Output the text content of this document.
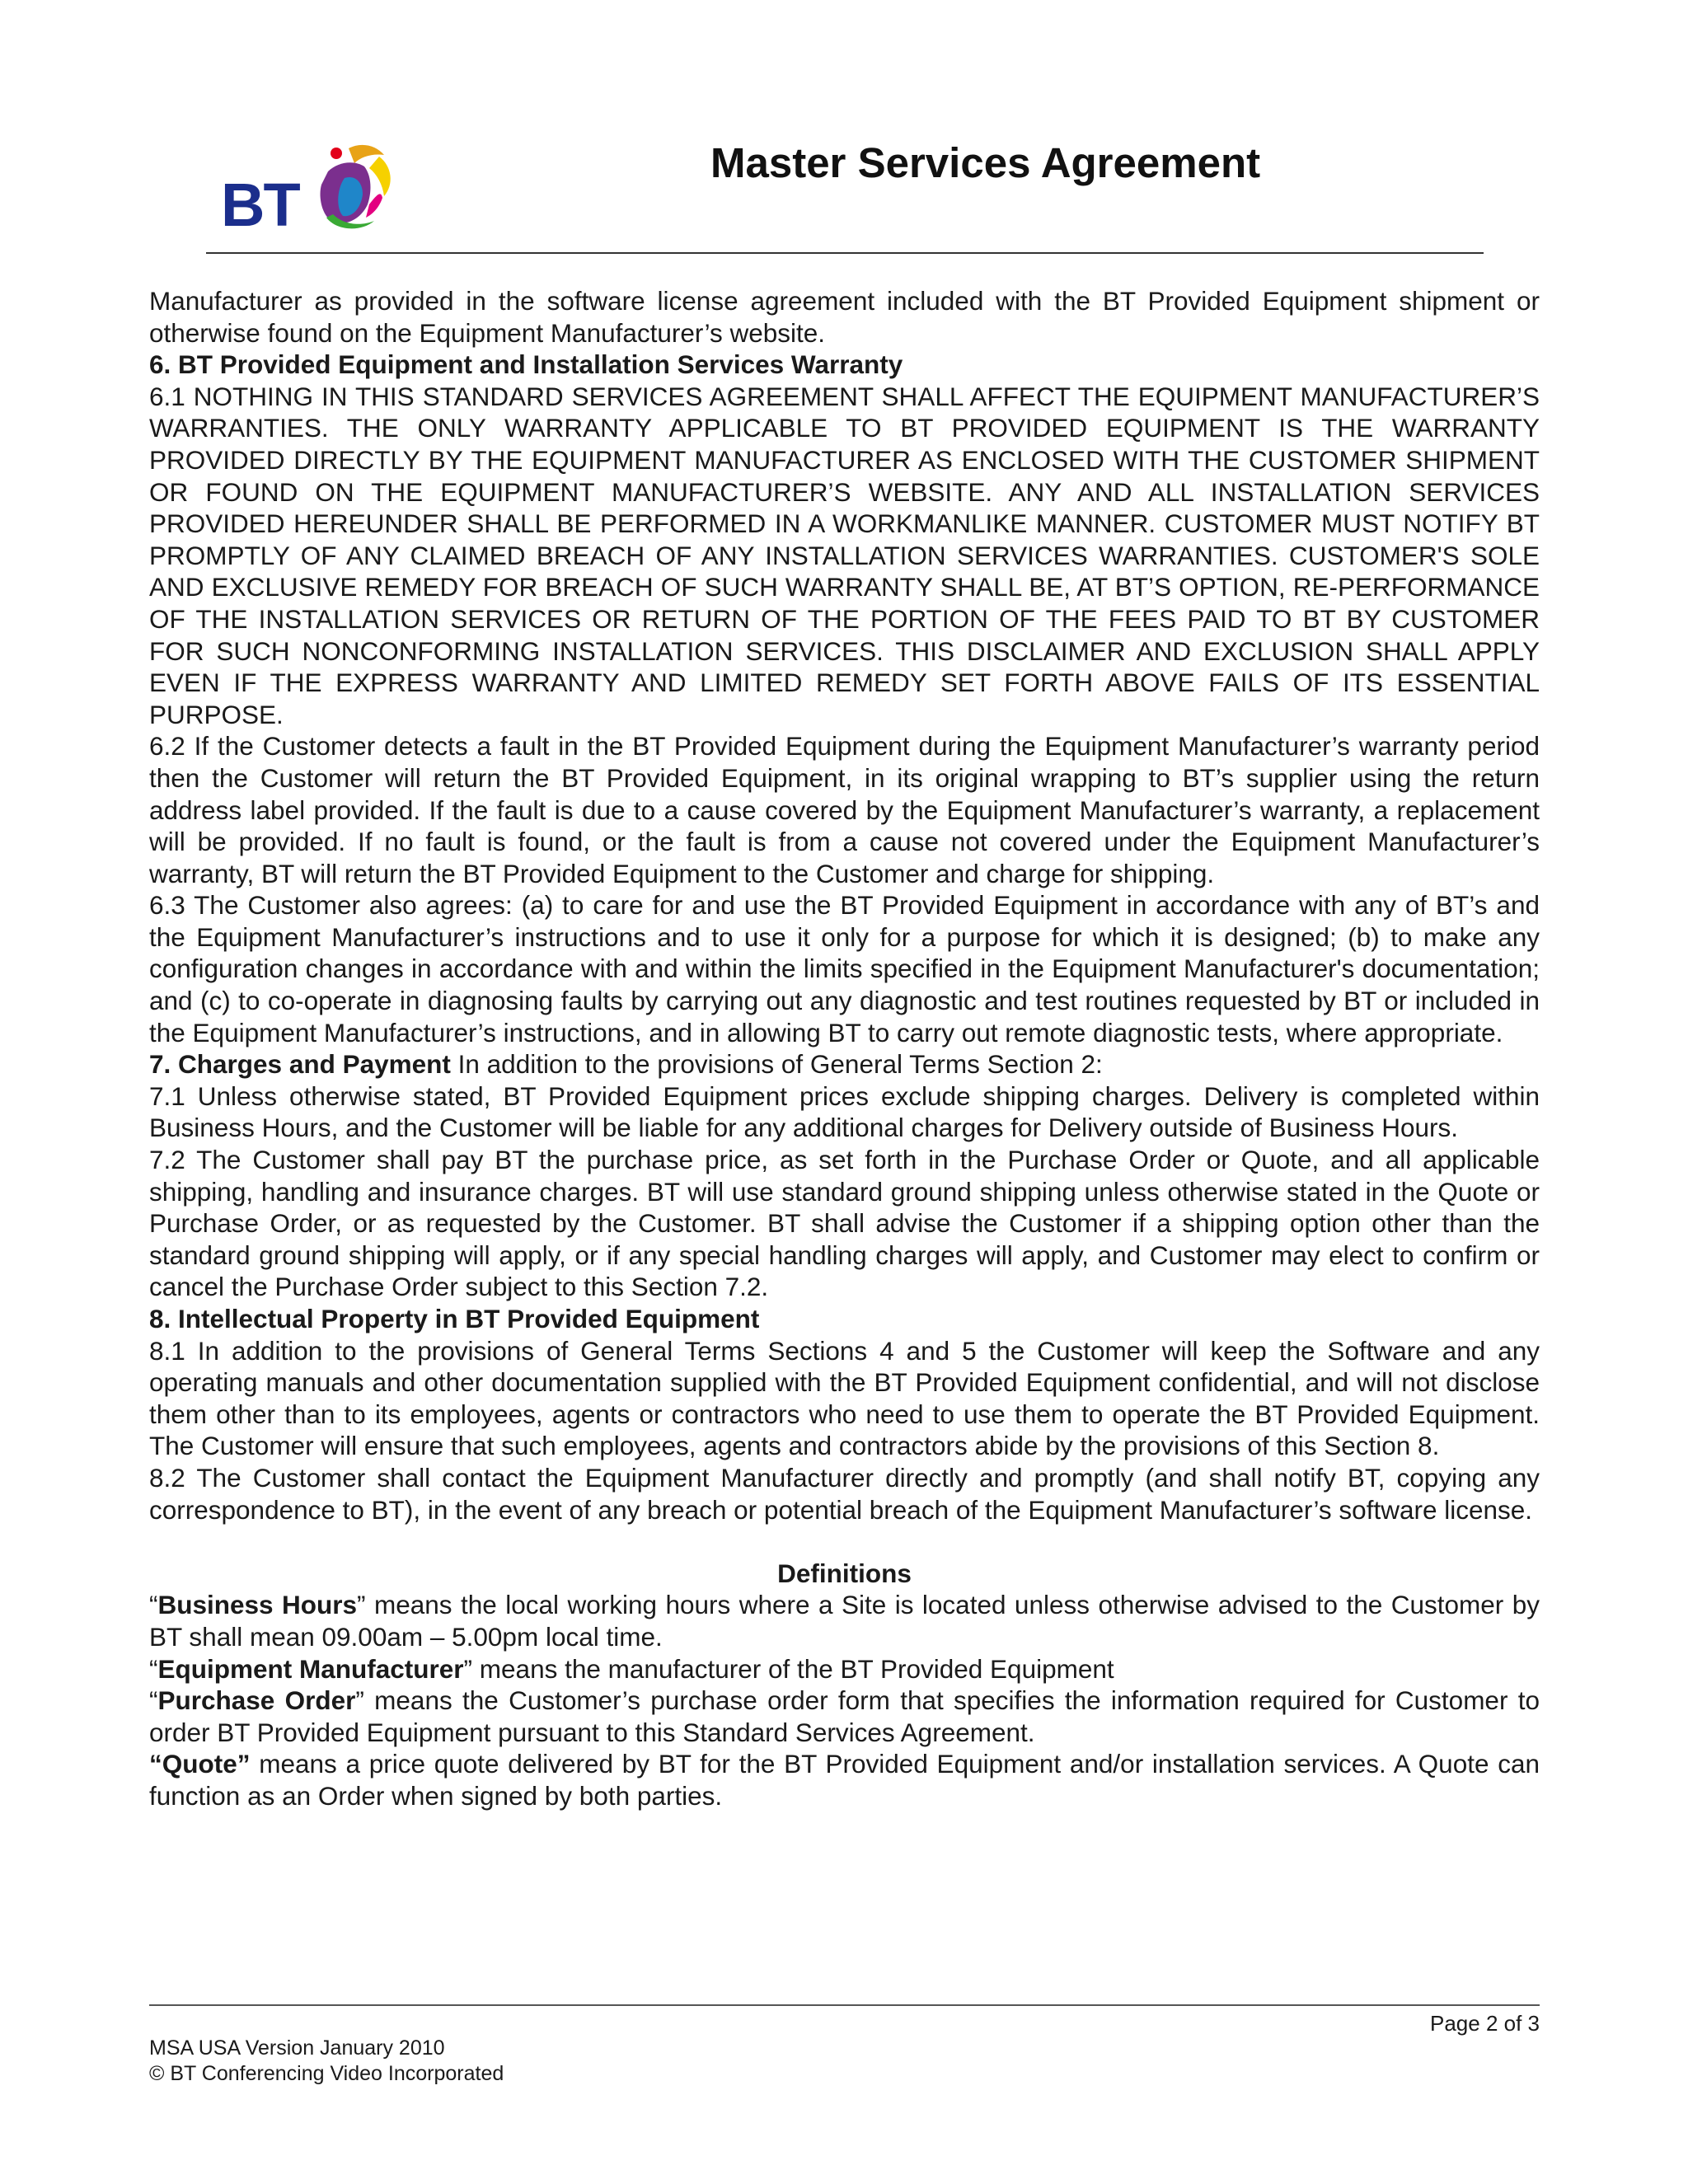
BT
Master Services Agreement

Manufacturer as provided in the software license agreement included with the BT Provided Equipment shipment or otherwise found on the Equipment Manufacturer’s website.

6. BT Provided Equipment and Installation Services Warranty

6.1 NOTHING IN THIS STANDARD SERVICES AGREEMENT SHALL AFFECT THE EQUIPMENT MANUFACTURER’S WARRANTIES. THE ONLY WARRANTY APPLICABLE TO BT PROVIDED EQUIPMENT IS THE WARRANTY PROVIDED DIRECTLY BY THE EQUIPMENT MANUFACTURER AS ENCLOSED WITH THE CUSTOMER SHIPMENT OR FOUND ON THE EQUIPMENT MANUFACTURER’S WEBSITE. ANY AND ALL INSTALLATION SERVICES PROVIDED HEREUNDER SHALL BE PERFORMED IN A WORKMANLIKE MANNER. CUSTOMER MUST NOTIFY BT PROMPTLY OF ANY CLAIMED BREACH OF ANY INSTALLATION SERVICES WARRANTIES. CUSTOMER'S SOLE AND EXCLUSIVE REMEDY FOR BREACH OF SUCH WARRANTY SHALL BE, AT BT’S OPTION, RE-PERFORMANCE OF THE INSTALLATION SERVICES OR RETURN OF THE PORTION OF THE FEES PAID TO BT BY CUSTOMER FOR SUCH NONCONFORMING INSTALLATION SERVICES. THIS DISCLAIMER AND EXCLUSION SHALL APPLY EVEN IF THE EXPRESS WARRANTY AND LIMITED REMEDY SET FORTH ABOVE FAILS OF ITS ESSENTIAL PURPOSE.

6.2 If the Customer detects a fault in the BT Provided Equipment during the Equipment Manufacturer’s warranty period then the Customer will return the BT Provided Equipment, in its original wrapping to BT’s supplier using the return address label provided. If the fault is due to a cause covered by the Equipment Manufacturer’s warranty, a replacement will be provided. If no fault is found, or the fault is from a cause not covered under the Equipment Manufacturer’s warranty, BT will return the BT Provided Equipment to the Customer and charge for shipping.

6.3 The Customer also agrees: (a) to care for and use the BT Provided Equipment in accordance with any of BT’s and the Equipment Manufacturer’s instructions and to use it only for a purpose for which it is designed; (b) to make any configuration changes in accordance with and within the limits specified in the Equipment Manufacturer's documentation; and (c) to co-operate in diagnosing faults by carrying out any diagnostic and test routines requested by BT or included in the Equipment Manufacturer’s instructions, and in allowing BT to carry out remote diagnostic tests, where appropriate.

7. Charges and Payment In addition to the provisions of General Terms Section 2:

7.1 Unless otherwise stated, BT Provided Equipment prices exclude shipping charges. Delivery is completed within Business Hours, and the Customer will be liable for any additional charges for Delivery outside of Business Hours.

7.2 The Customer shall pay BT the purchase price, as set forth in the Purchase Order or Quote, and all applicable shipping, handling and insurance charges. BT will use standard ground shipping unless otherwise stated in the Quote or Purchase Order, or as requested by the Customer. BT shall advise the Customer if a shipping option other than the standard ground shipping will apply, or if any special handling charges will apply, and Customer may elect to confirm or cancel the Purchase Order subject to this Section 7.2.

8. Intellectual Property in BT Provided Equipment

8.1 In addition to the provisions of General Terms Sections 4 and 5 the Customer will keep the Software and any operating manuals and other documentation supplied with the BT Provided Equipment confidential, and will not disclose them other than to its employees, agents or contractors who need to use them to operate the BT Provided Equipment. The Customer will ensure that such employees, agents and contractors abide by the provisions of this Section 8.

8.2 The Customer shall contact the Equipment Manufacturer directly and promptly (and shall notify BT, copying any correspondence to BT), in the event of any breach or potential breach of the Equipment Manufacturer’s software license.

Definitions

“Business Hours” means the local working hours where a Site is located unless otherwise advised to the Customer by BT shall mean 09.00am – 5.00pm local time.

“Equipment Manufacturer” means the manufacturer of the BT Provided Equipment

“Purchase Order” means the Customer’s purchase order form that specifies the information required for Customer to order BT Provided Equipment pursuant to this Standard Services Agreement.

“Quote” means a price quote delivered by BT for the BT Provided Equipment and/or installation services. A Quote can function as an Order when signed by both parties.

Page 2 of 3
MSA USA Version January 2010
© BT Conferencing Video Incorporated
